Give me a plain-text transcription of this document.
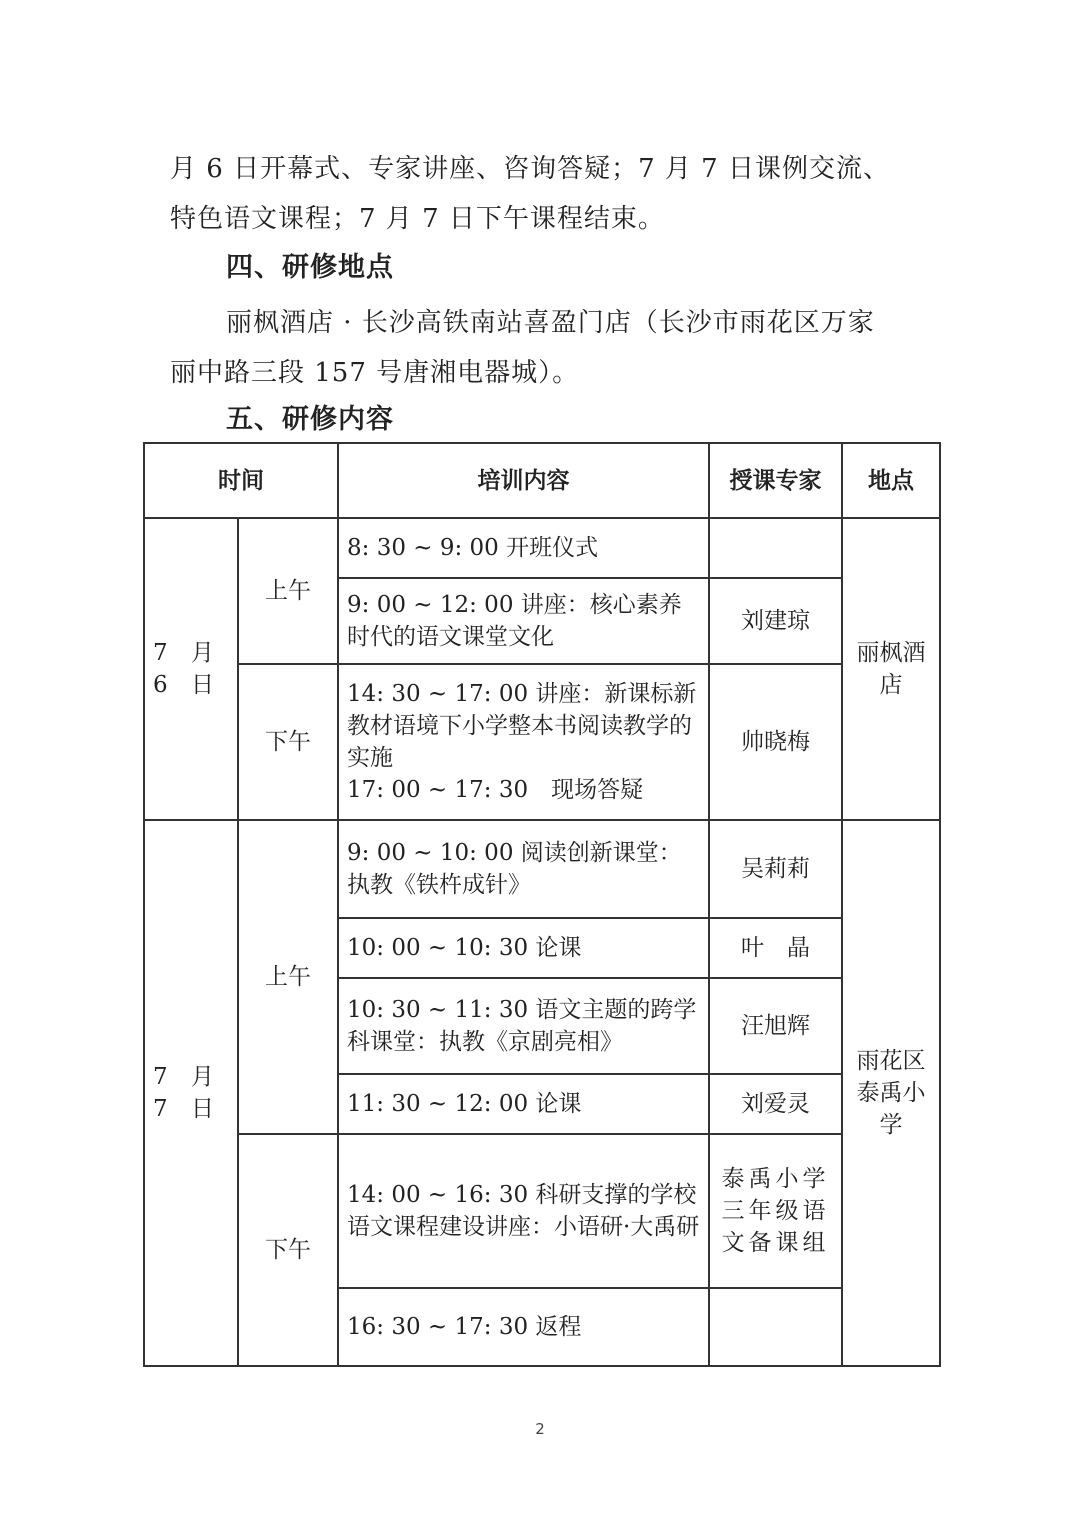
月 6 日开幕式、专家讲座、咨询答疑；7 月 7 日课例交流、
特色语文课程；7 月 7 日下午课程结束。

四、研修地点

丽枫酒店 · 长沙高铁南站喜盈门店（长沙市雨花区万家
丽中路三段 157 号唐湘电器城）。

五、研修内容
时间		培训内容	授课专家	地点
7 月 6 日	上午	8: 30 ~ 9: 00 开班仪式		丽枫酒店
		9: 00 ~ 12: 00 讲座：核心素养时代的语文课堂文化	刘建琼	
	下午	14: 30 ~ 17: 00 讲座：新课标新教材语境下小学整本书阅读教学的实施
17: 00 ~ 17: 30　现场答疑	帅晓梅	
7 月 7 日	上午	9: 00 ~ 10: 00 阅读创新课堂：执教《铁杵成针》	吴莉莉	雨花区泰禹小学
		10: 00 ~ 10: 30 论课	叶　晶	
		10: 30 ~ 11: 30 语文主题的跨学科课堂：执教《京剧亮相》	汪旭辉	
		11: 30 ~ 12: 00 论课	刘爱灵	
	下午	14: 00 ~ 16: 30 科研支撑的学校语文课程建设讲座：小语研·大禹研	泰禹小学三年级语文备课组	
		16: 30 ~ 17: 30 返程		
2
